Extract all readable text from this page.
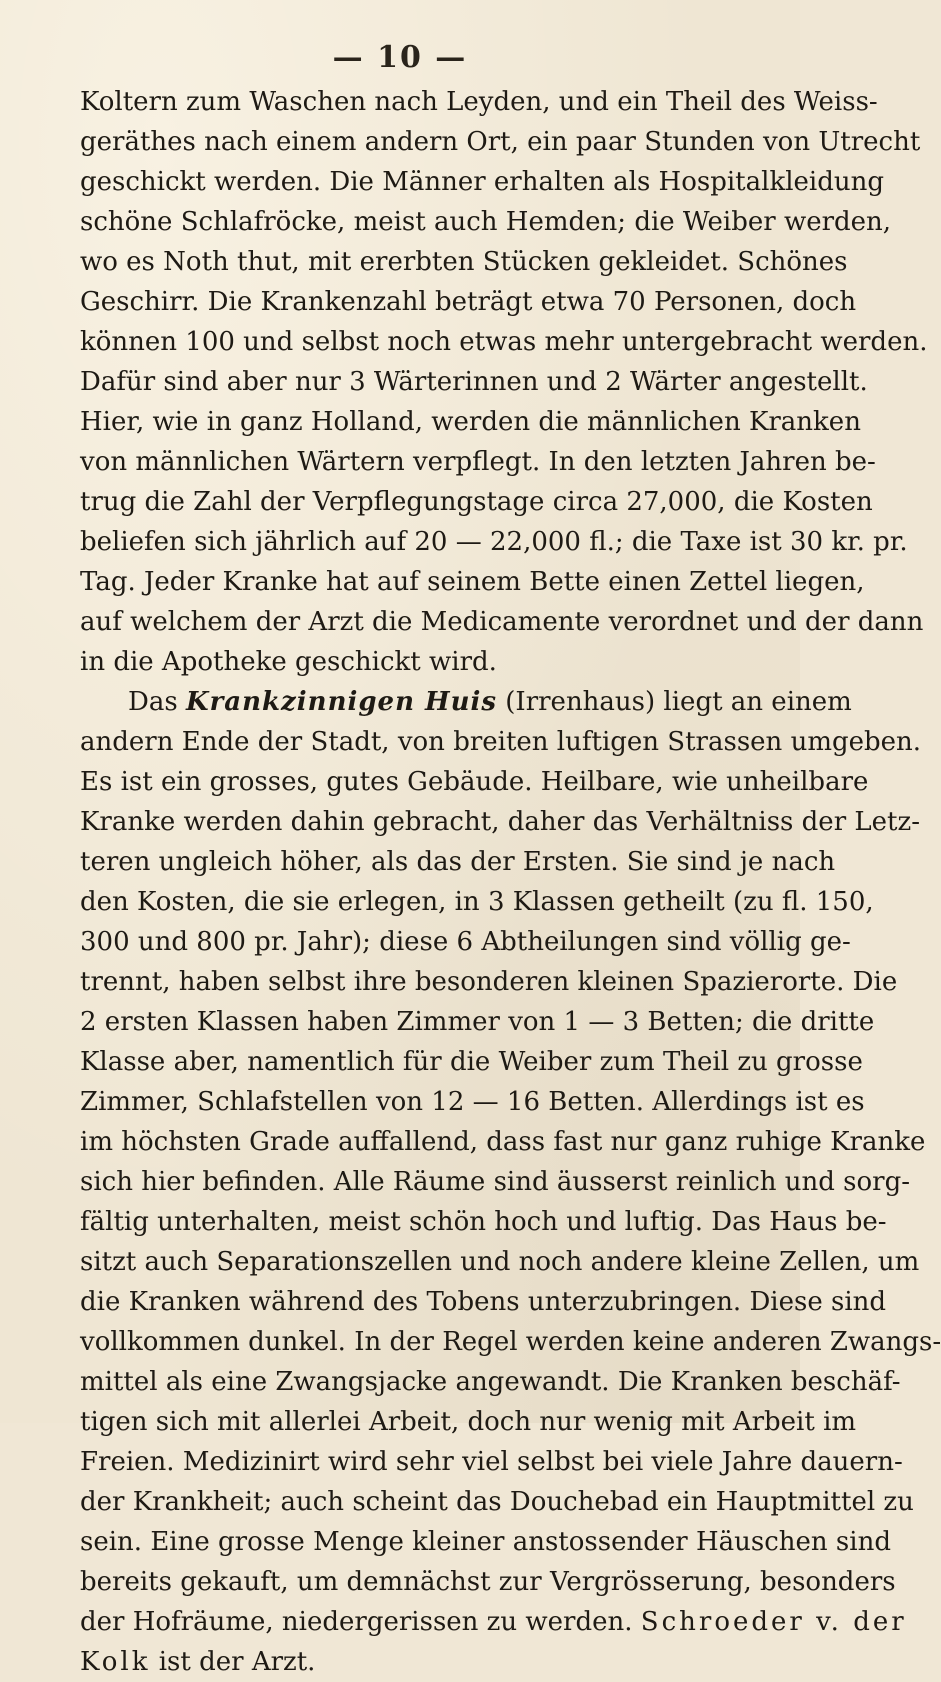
— 10 —
Koltern zum Waschen nach Leyden, und ein Theil des Weiss-
geräthes nach einem andern Ort, ein paar Stunden von Utrecht
geschickt werden. Die Männer erhalten als Hospitalkleidung
schöne Schlafröcke, meist auch Hemden; die Weiber werden,
wo es Noth thut, mit ererbten Stücken gekleidet. Schönes
Geschirr. Die Krankenzahl beträgt etwa 70 Personen, doch
können 100 und selbst noch etwas mehr untergebracht werden.
Dafür sind aber nur 3 Wärterinnen und 2 Wärter angestellt.
Hier, wie in ganz Holland, werden die männlichen Kranken
von männlichen Wärtern verpflegt. In den letzten Jahren be-
trug die Zahl der Verpflegungstage circa 27,000, die Kosten
beliefen sich jährlich auf 20 — 22,000 fl.; die Taxe ist 30 kr. pr.
Tag. Jeder Kranke hat auf seinem Bette einen Zettel liegen,
auf welchem der Arzt die Medicamente verordnet und der dann
in die Apotheke geschickt wird.
Das Krankzinnigen Huis (Irrenhaus) liegt an einem
andern Ende der Stadt, von breiten luftigen Strassen umgeben.
Es ist ein grosses, gutes Gebäude. Heilbare, wie unheilbare
Kranke werden dahin gebracht, daher das Verhältniss der Letz-
teren ungleich höher, als das der Ersten. Sie sind je nach
den Kosten, die sie erlegen, in 3 Klassen getheilt (zu fl. 150,
300 und 800 pr. Jahr); diese 6 Abtheilungen sind völlig ge-
trennt, haben selbst ihre besonderen kleinen Spazierorte. Die
2 ersten Klassen haben Zimmer von 1 — 3 Betten; die dritte
Klasse aber, namentlich für die Weiber zum Theil zu grosse
Zimmer, Schlafstellen von 12 — 16 Betten. Allerdings ist es
im höchsten Grade auffallend, dass fast nur ganz ruhige Kranke
sich hier befinden. Alle Räume sind äusserst reinlich und sorg-
fältig unterhalten, meist schön hoch und luftig. Das Haus be-
sitzt auch Separationszellen und noch andere kleine Zellen, um
die Kranken während des Tobens unterzubringen. Diese sind
vollkommen dunkel. In der Regel werden keine anderen Zwangs-
mittel als eine Zwangsjacke angewandt. Die Kranken beschäf-
tigen sich mit allerlei Arbeit, doch nur wenig mit Arbeit im
Freien. Medizinirt wird sehr viel selbst bei viele Jahre dauern-
der Krankheit; auch scheint das Douchebad ein Hauptmittel zu
sein. Eine grosse Menge kleiner anstossender Häuschen sind
bereits gekauft, um demnächst zur Vergrösserung, besonders
der Hofräume, niedergerissen zu werden. Schroeder v. der
Kolk ist der Arzt.
